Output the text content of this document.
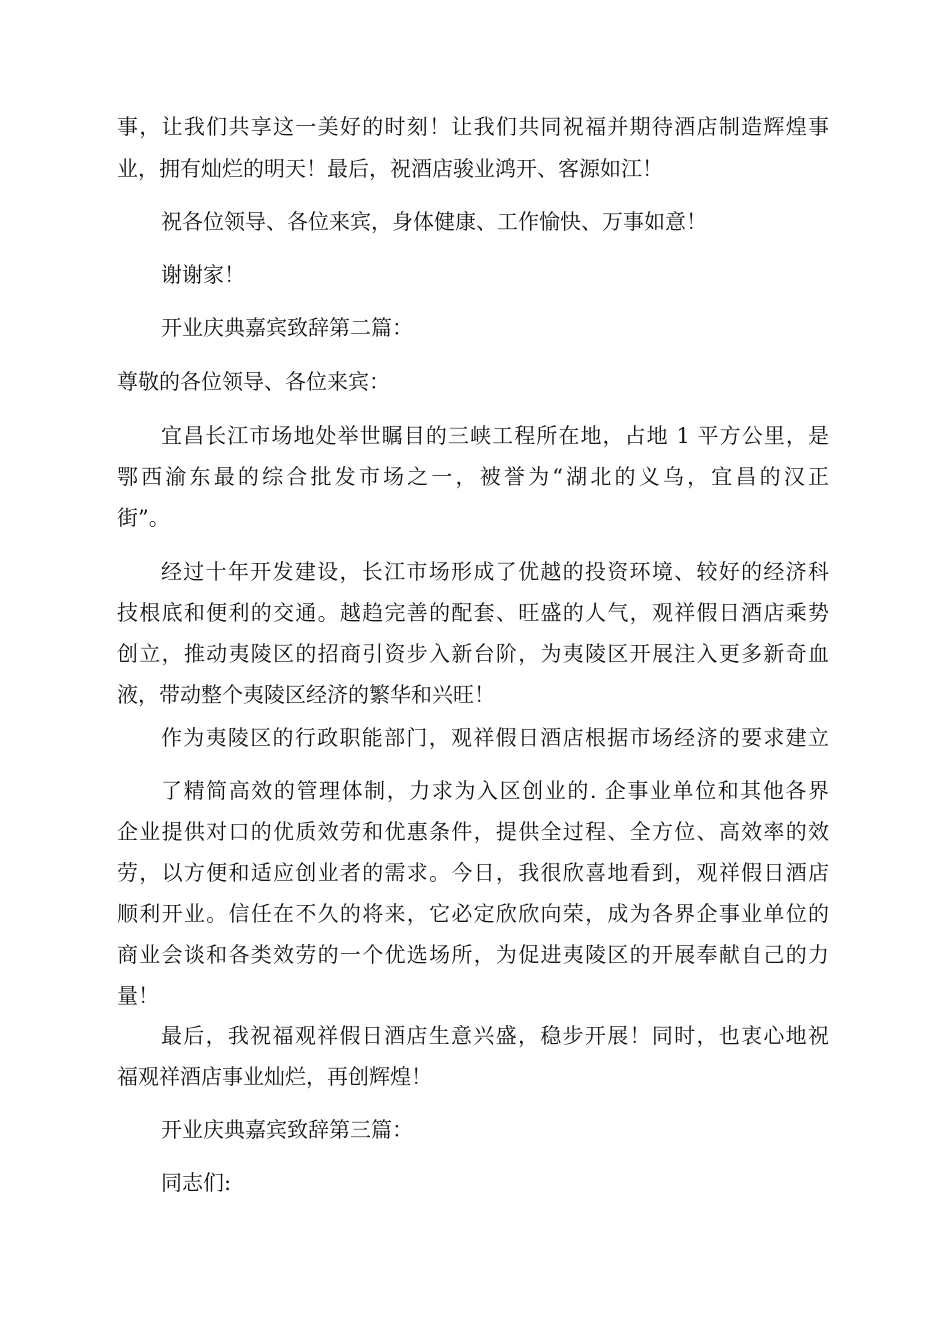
事，让我们共享这一美好的时刻！让我们共同祝福并期待酒店制造辉煌事

业，拥有灿烂的明天！最后，祝酒店骏业鸿开、客源如江！

祝各位领导、各位来宾，身体健康、工作愉快、万事如意！

谢谢家！

开业庆典嘉宾致辞第二篇：

尊敬的各位领导、各位来宾：

宜昌长江市场地处举世瞩目的三峡工程所在地，占地 1 平方公里，是

鄂西渝东最的综合批发市场之一，被誉为“湖北的义乌，宜昌的汉正

街”。

经过十年开发建设，长江市场形成了优越的投资环境、较好的经济科

技根底和便利的交通。越趋完善的配套、旺盛的人气，观祥假日酒店乘势

创立，推动夷陵区的招商引资步入新台阶，为夷陵区开展注入更多新奇血

液，带动整个夷陵区经济的繁华和兴旺！

作为夷陵区的行政职能部门，观祥假日酒店根据市场经济的要求建立

了精简高效的管理体制，力求为入区创业的. 企事业单位和其他各界

企业提供对口的优质效劳和优惠条件，提供全过程、全方位、高效率的效

劳，以方便和适应创业者的需求。今日，我很欣喜地看到，观祥假日酒店

顺利开业。信任在不久的将来，它必定欣欣向荣，成为各界企事业单位的

商业会谈和各类效劳的一个优选场所，为促进夷陵区的开展奉献自己的力

量！

最后，我祝福观祥假日酒店生意兴盛，稳步开展！同时，也衷心地祝

福观祥酒店事业灿烂，再创辉煌！

开业庆典嘉宾致辞第三篇：

同志们:
